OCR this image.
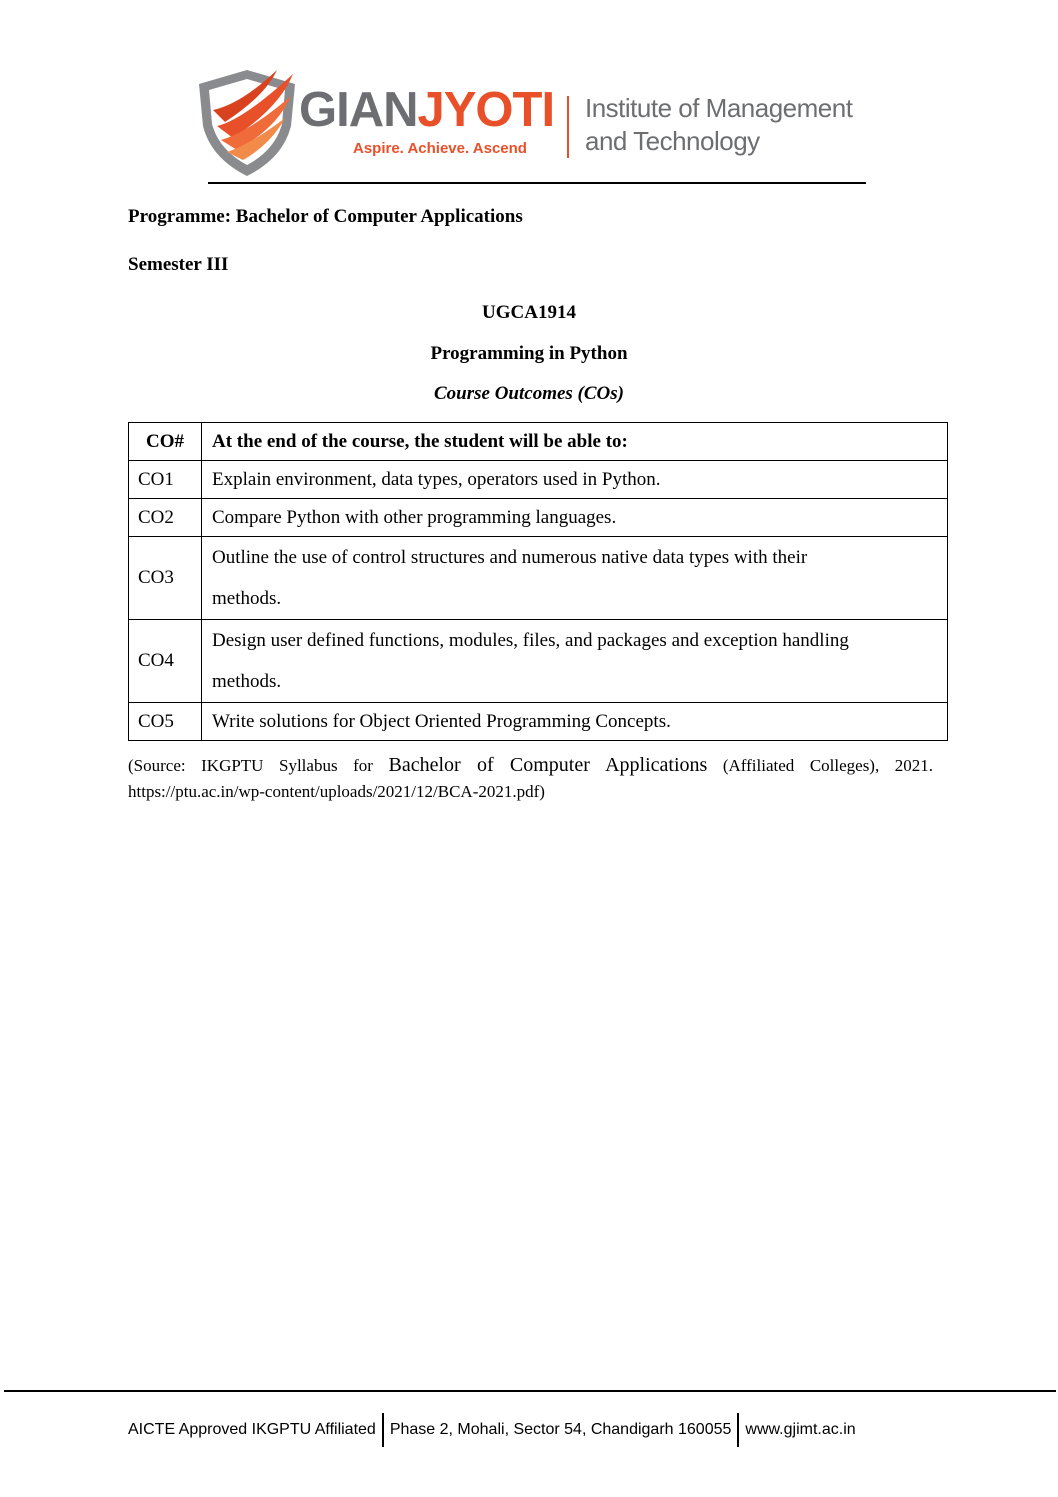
GIANJYOTI
Aspire. Achieve. Ascend
Institute of Management
and Technology
Programme: Bachelor of Computer Applications
Semester III
UGCA1914
Programming in Python
Course Outcomes (COs)
CO#	At the end of the course, the student will be able to:
CO1	Explain environment, data types, operators used in Python.
CO2	Compare Python with other programming languages.
CO3	Outline the use of control structures and numerous native data types with their
methods.

CO4	Design user defined functions, modules, files, and packages and exception handling
methods.

CO5	Write solutions for Object Oriented Programming Concepts.
(Source: IKGPTU Syllabus for Bachelor of Computer Applications (Affiliated Colleges), 2021. https://ptu.ac.in/wp-content/uploads/2021/12/BCA-2021.pdf)
AICTE Approved IKGPTU Affiliated Phase 2, Mohali, Sector 54, Chandigarh 160055 www.gjimt.ac.in
